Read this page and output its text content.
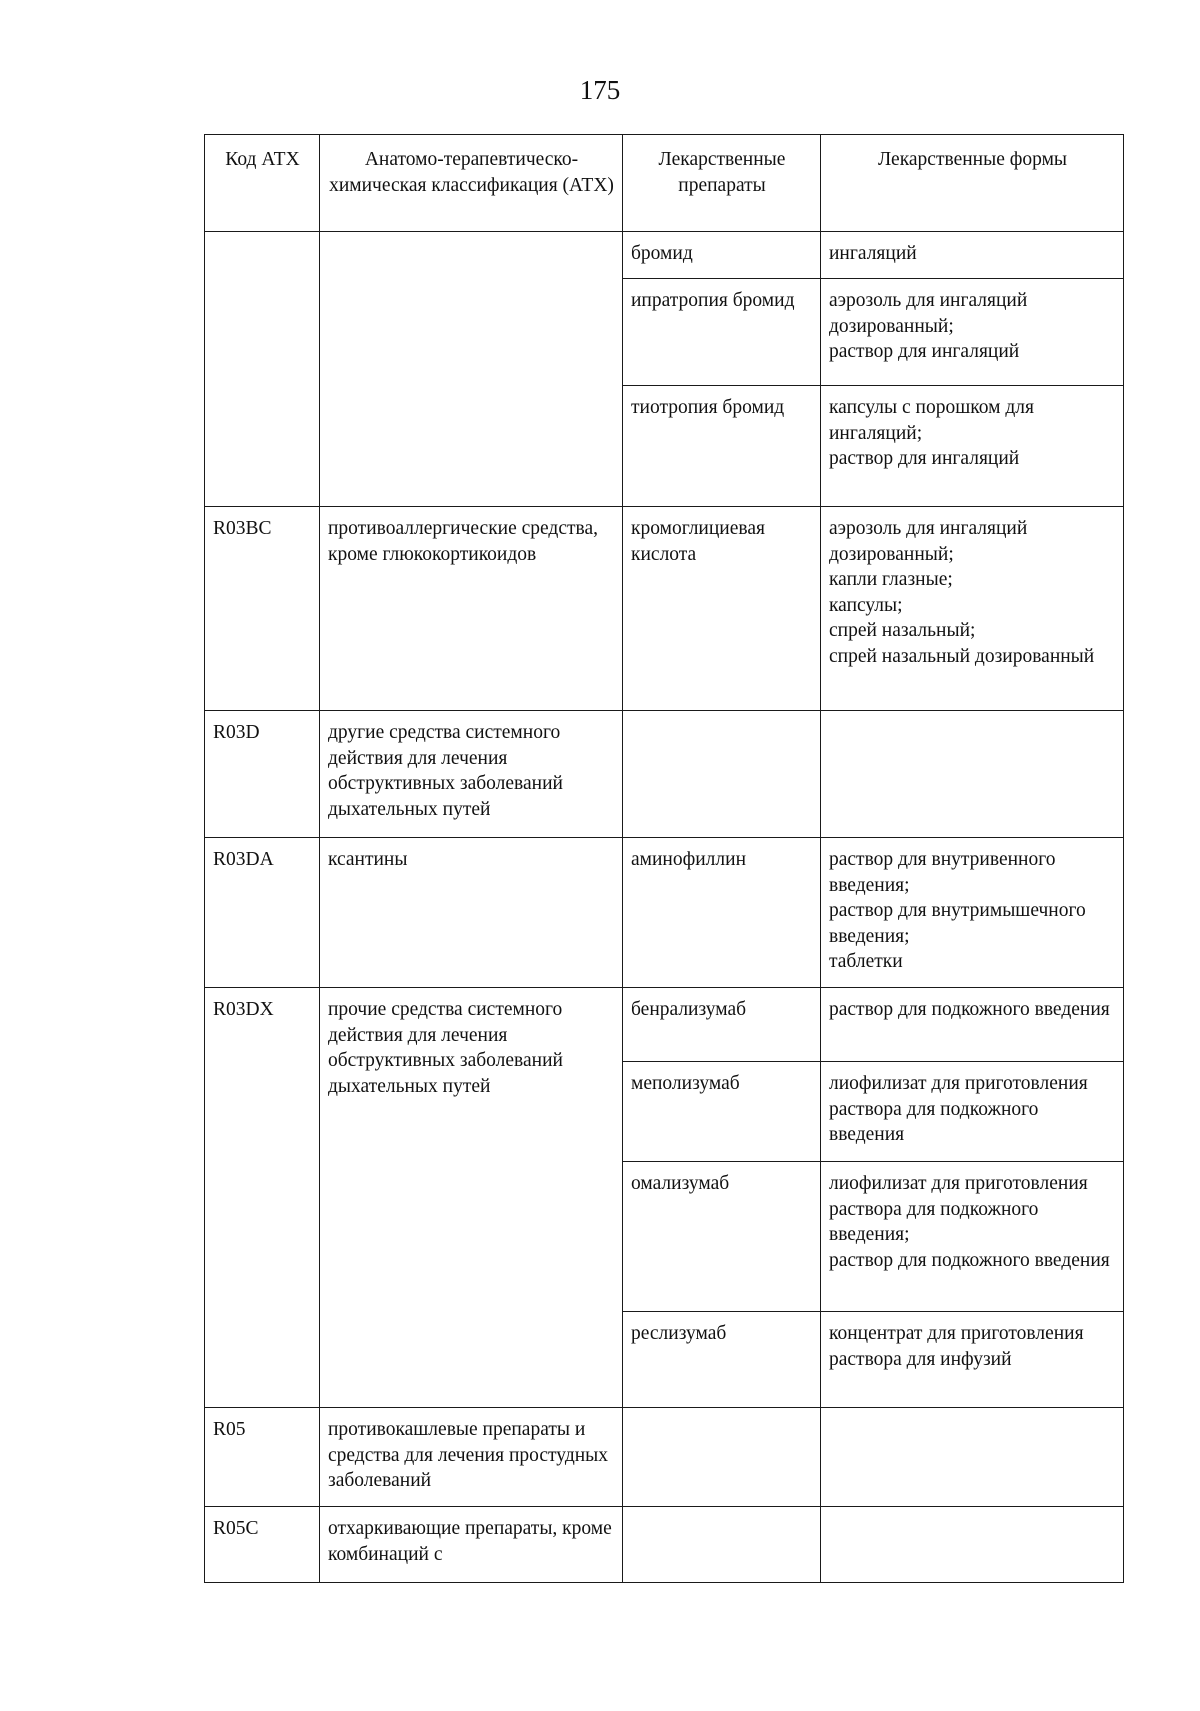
175
Код АТХ	Анатомо-терапевтическо-химическая классификация (АТХ)	Лекарственные препараты	Лекарственные формы
		бромид	ингаляций
		ипратропия бромид	аэрозоль для ингаляций дозированный;
раствор для ингаляций
		тиотропия бромид	капсулы с порошком для ингаляций;
раствор для ингаляций
R03BC	противоаллергические средства, кроме глюкокортикоидов	кромоглициевая кислота	аэрозоль для ингаляций дозированный;
капли глазные;
капсулы;
спрей назальный;
спрей назальный дозированный
R03D	другие средства системного действия для лечения обструктивных заболеваний дыхательных путей		
R03DA	ксантины	аминофиллин	раствор для внутривенного введения;
раствор для внутримышечного введения;
таблетки
R03DX	прочие средства системного действия для лечения обструктивных заболеваний дыхательных путей	бенрализумаб	раствор для подкожного введения
		меполизумаб	лиофилизат для приготовления раствора для подкожного введения
		омализумаб	лиофилизат для приготовления раствора для подкожного введения;
раствор для подкожного введения
		реслизумаб	концентрат для приготовления раствора для инфузий
R05	противокашлевые препараты и средства для лечения простудных заболеваний		
R05C	отхаркивающие препараты, кроме комбинаций с		
